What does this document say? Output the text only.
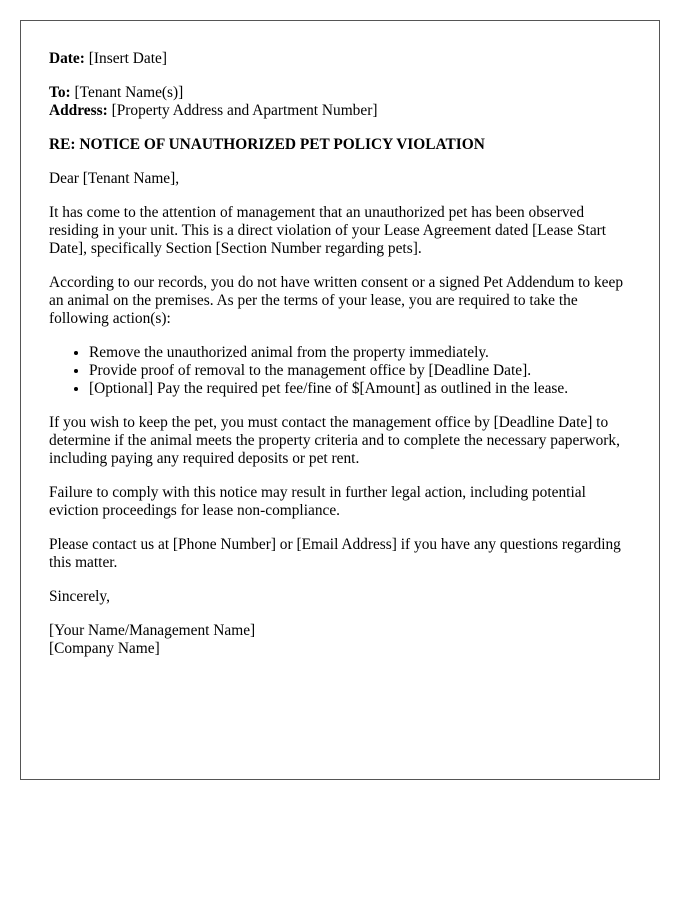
Date: [Insert Date]

To: [Tenant Name(s)]

Address: [Property Address and Apartment Number]

RE: NOTICE OF UNAUTHORIZED PET POLICY VIOLATION

Dear [Tenant Name],

It has come to the attention of management that an unauthorized pet has been observed residing in your unit. This is a direct violation of your Lease Agreement dated [Lease Start Date], specifically Section [Section Number regarding pets].

According to our records, you do not have written consent or a signed Pet Addendum to keep an animal on the premises. As per the terms of your lease, you are required to take the following action(s):

• Remove the unauthorized animal from the property immediately.
• Provide proof of removal to the management office by [Deadline Date].
• [Optional] Pay the required pet fee/fine of $[Amount] as outlined in the lease.

If you wish to keep the pet, you must contact the management office by [Deadline Date] to determine if the animal meets the property criteria and to complete the necessary paperwork, including paying any required deposits or pet rent.

Failure to comply with this notice may result in further legal action, including potential eviction proceedings for lease non-compliance.

Please contact us at [Phone Number] or [Email Address] if you have any questions regarding this matter.

Sincerely,

[Your Name/Management Name]

[Company Name]
